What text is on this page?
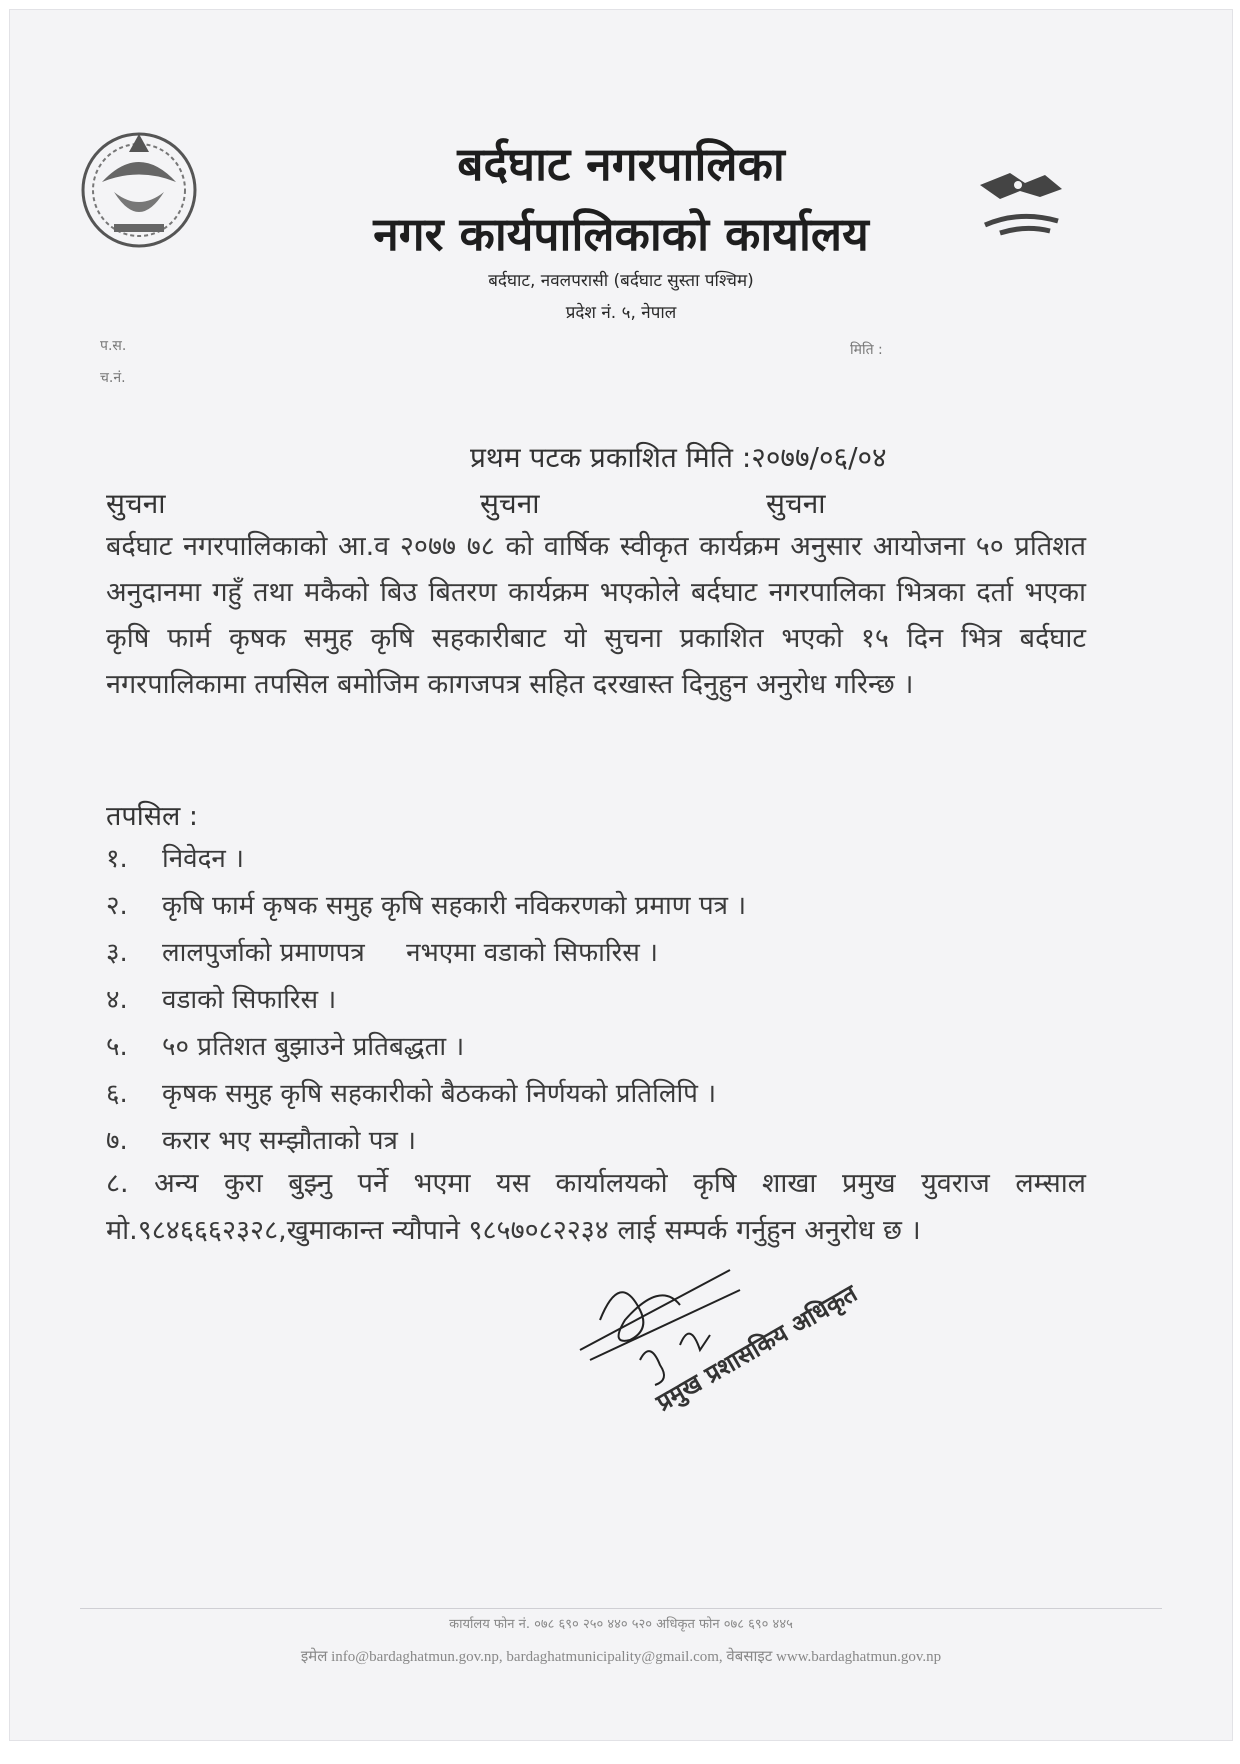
बर्दघाट नगरपालिका
नगर कार्यपालिकाको कार्यालय
बर्दघाट, नवलपरासी (बर्दघाट सुस्ता पश्चिम)
प्रदेश नं. ५, नेपाल
प.स.
च.नं.
मिति :
प्रथम पटक प्रकाशित मिति :२०७७/०६/०४
सुचना	सुचना	सुचना
बर्दघाट नगरपालिकाको आ.व २०७७ ७८ को वार्षिक स्वीकृत कार्यक्रम अनुसार आयोजना ५० प्रतिशत अनुदानमा गहुँ तथा मकैको बिउ बितरण कार्यक्रम भएकोले बर्दघाट नगरपालिका भित्रका दर्ता भएका कृषि फार्म कृषक समुह कृषि सहकारीबाट यो सुचना प्रकाशित भएको १५ दिन भित्र बर्दघाट नगरपालिकामा तपसिल बमोजिम कागजपत्र सहित दरखास्त दिनुहुन अनुरोध गरिन्छ ।
तपसिल :
१. निवेदन ।
२. कृषि फार्म कृषक समुह कृषि सहकारी नविकरणको प्रमाण पत्र ।
३. लालपुर्जाको प्रमाणपत्र     नभएमा वडाको सिफारिस ।
४. वडाको सिफारिस ।
५. ५० प्रतिशत बुझाउने प्रतिबद्धता ।
६. कृषक समुह कृषि सहकारीको बैठकको निर्णयको प्रतिलिपि ।
७. करार भए सम्झौताको पत्र ।
८. अन्य कुरा बुझ्नु पर्ने भएमा यस कार्यालयको कृषि शाखा प्रमुख युवराज लम्साल मो.९८४६६६२३२८,खुमाकान्त न्यौपाने ९८५७०८२२३४ लाई सम्पर्क गर्नुहुन अनुरोध छ ।
प्रमुख प्रशासकिय अधिकृत
कार्यालय फोन नं. ०७८ ६९० २५० ४४० ५२० अधिकृत फोन ०७८ ६९० ४४५
इमेल info@bardaghatmun.gov.np, bardaghatmunicipality@gmail.com, वेबसाइट www.bardaghatmun.gov.np
